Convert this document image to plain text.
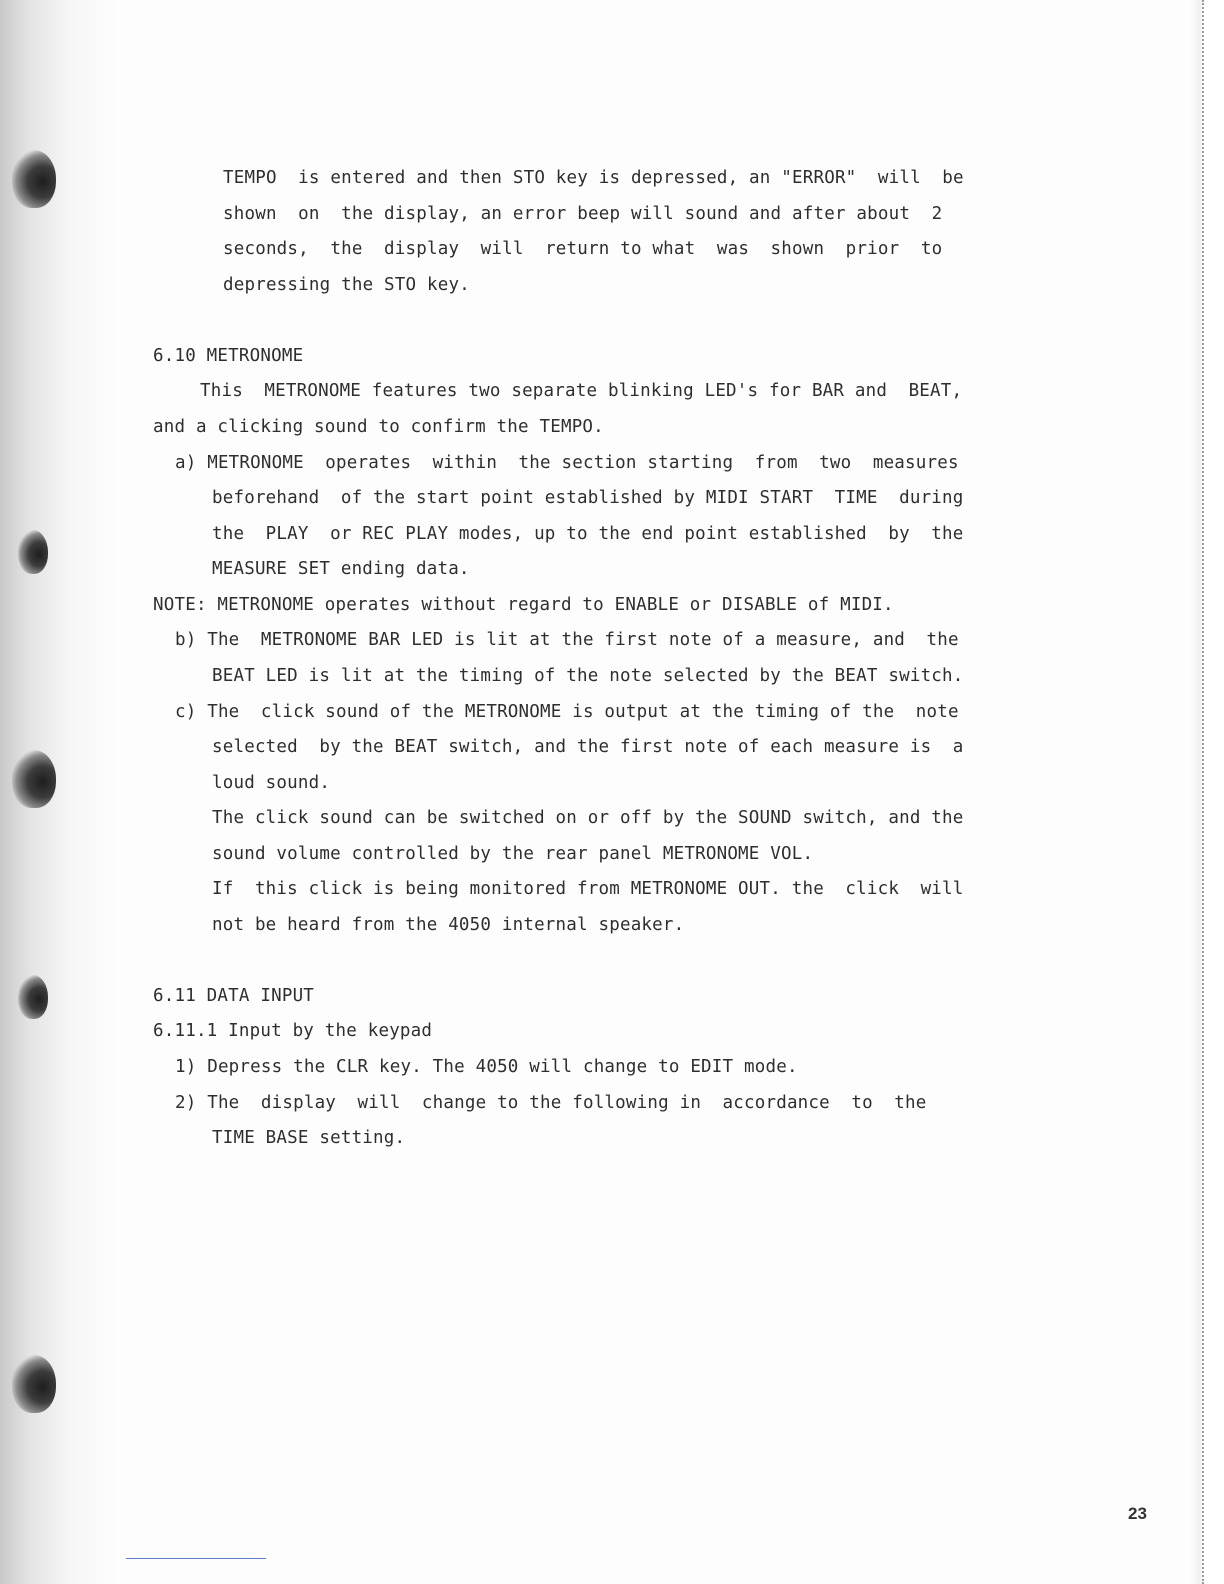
TEMPO  is entered and then STO key is depressed, an "ERROR"  will  be

shown  on  the display, an error beep will sound and after about  2

seconds,  the  display  will  return to what  was  shown  prior  to

depressing the STO key.

6.10 METRONOME

This  METRONOME features two separate blinking LED's for BAR and  BEAT,

and a clicking sound to confirm the TEMPO.

a) METRONOME  operates  within  the section starting  from  two  measures

beforehand  of the start point established by MIDI START  TIME  during

the  PLAY  or REC PLAY modes, up to the end point established  by  the

MEASURE SET ending data.

NOTE: METRONOME operates without regard to ENABLE or DISABLE of MIDI.

b) The  METRONOME BAR LED is lit at the first note of a measure, and  the

BEAT LED is lit at the timing of the note selected by the BEAT switch.

c) The  click sound of the METRONOME is output at the timing of the  note

selected  by the BEAT switch, and the first note of each measure is  a

loud sound.

The click sound can be switched on or off by the SOUND switch, and the

sound volume controlled by the rear panel METRONOME VOL.

If  this click is being monitored from METRONOME OUT. the  click  will

not be heard from the 4050 internal speaker.

6.11 DATA INPUT

6.11.1 Input by the keypad

1) Depress the CLR key. The 4050 will change to EDIT mode.

2) The  display  will  change to the following in  accordance  to  the

TIME BASE setting.

23
